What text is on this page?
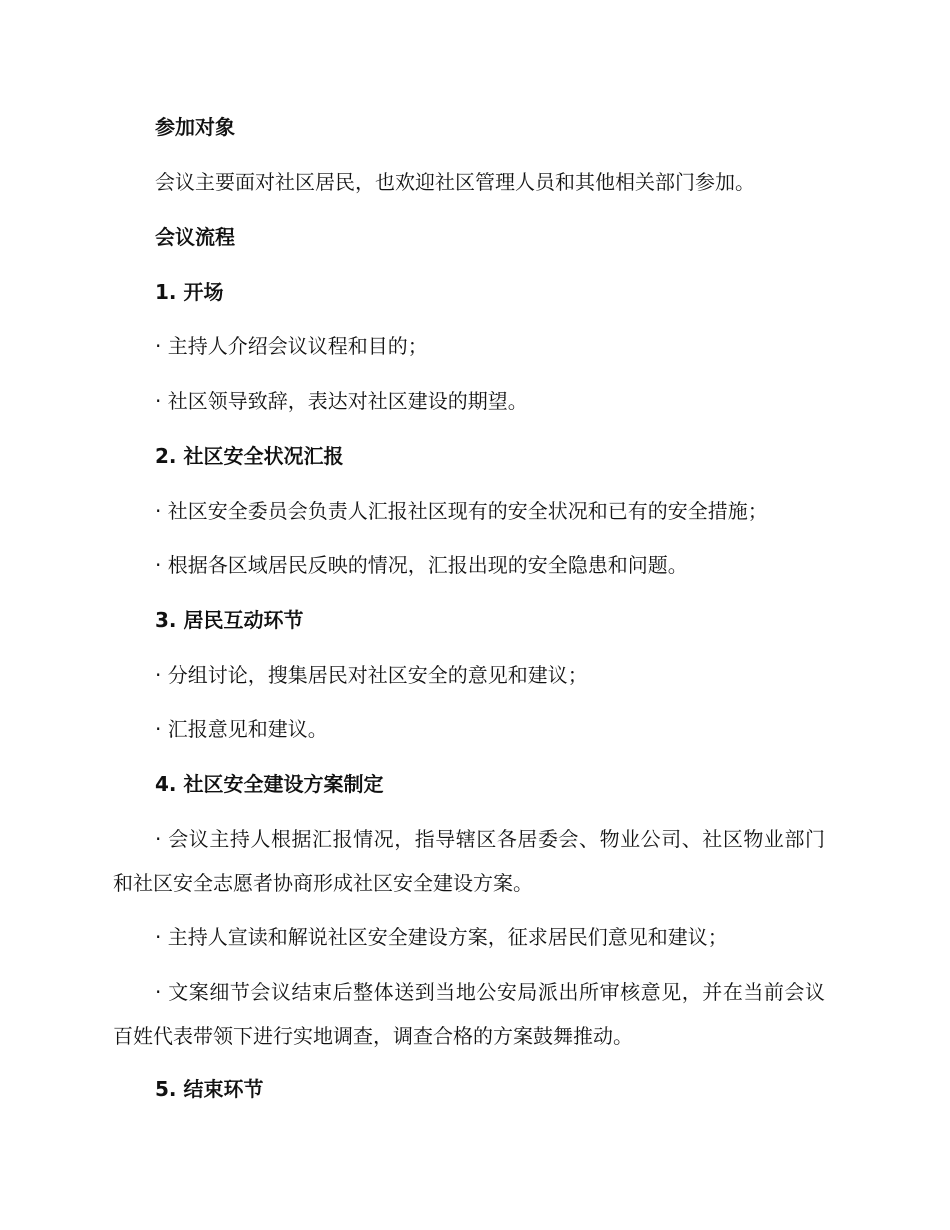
参加对象

会议主要面对社区居民，也欢迎社区管理人员和其他相关部门参加。

会议流程

1. 开场

· 主持人介绍会议议程和目的；

· 社区领导致辞，表达对社区建设的期望。

2. 社区安全状况汇报

· 社区安全委员会负责人汇报社区现有的安全状况和已有的安全措施；

· 根据各区域居民反映的情况，汇报出现的安全隐患和问题。

3. 居民互动环节

· 分组讨论，搜集居民对社区安全的意见和建议；

· 汇报意见和建议。

4. 社区安全建设方案制定

· 会议主持人根据汇报情况，指导辖区各居委会、物业公司、社区物业部门和社区安全志愿者协商形成社区安全建设方案。

· 主持人宣读和解说社区安全建设方案，征求居民们意见和建议；

· 文案细节会议结束后整体送到当地公安局派出所审核意见，并在当前会议百姓代表带领下进行实地调查，调查合格的方案鼓舞推动。

5. 结束环节
